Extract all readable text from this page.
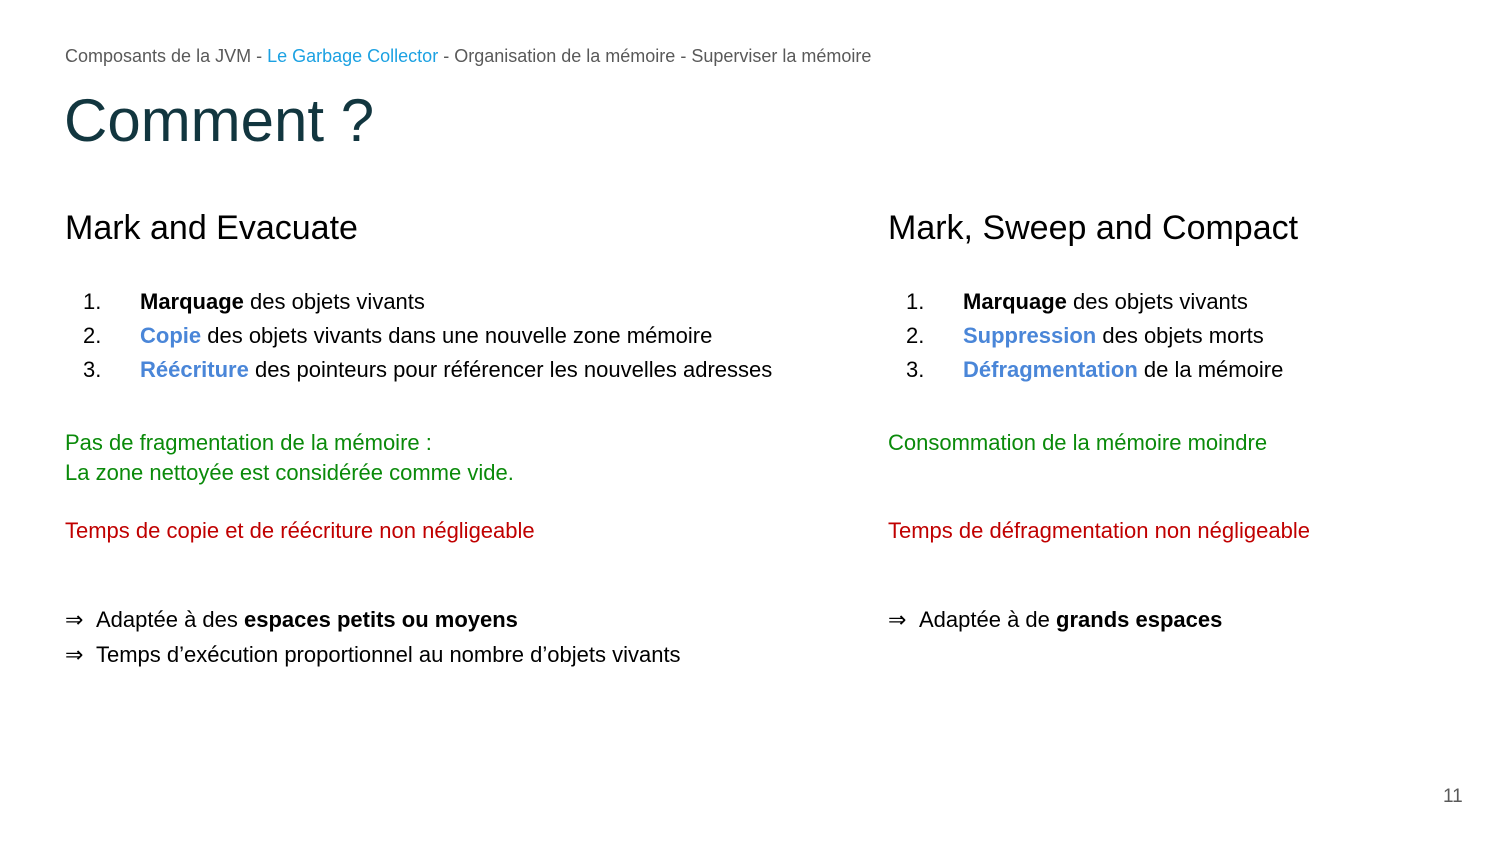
Composants de la JVM - Le Garbage Collector - Organisation de la mémoire - Superviser la mémoire
Comment ?
Mark and Evacuate
1. Marquage des objets vivants
2. Copie des objets vivants dans une nouvelle zone mémoire
3. Réécriture des pointeurs pour référencer les nouvelles adresses
Pas de fragmentation de la mémoire :
La zone nettoyée est considérée comme vide.
Temps de copie et de réécriture non négligeable
⇒ Adaptée à des espaces petits ou moyens
⇒ Temps d’exécution proportionnel au nombre d’objets vivants
Mark, Sweep and Compact
1. Marquage des objets vivants
2. Suppression des objets morts
3. Défragmentation de la mémoire
Consommation de la mémoire moindre
Temps de défragmentation non négligeable
⇒ Adaptée à de grands espaces
11
